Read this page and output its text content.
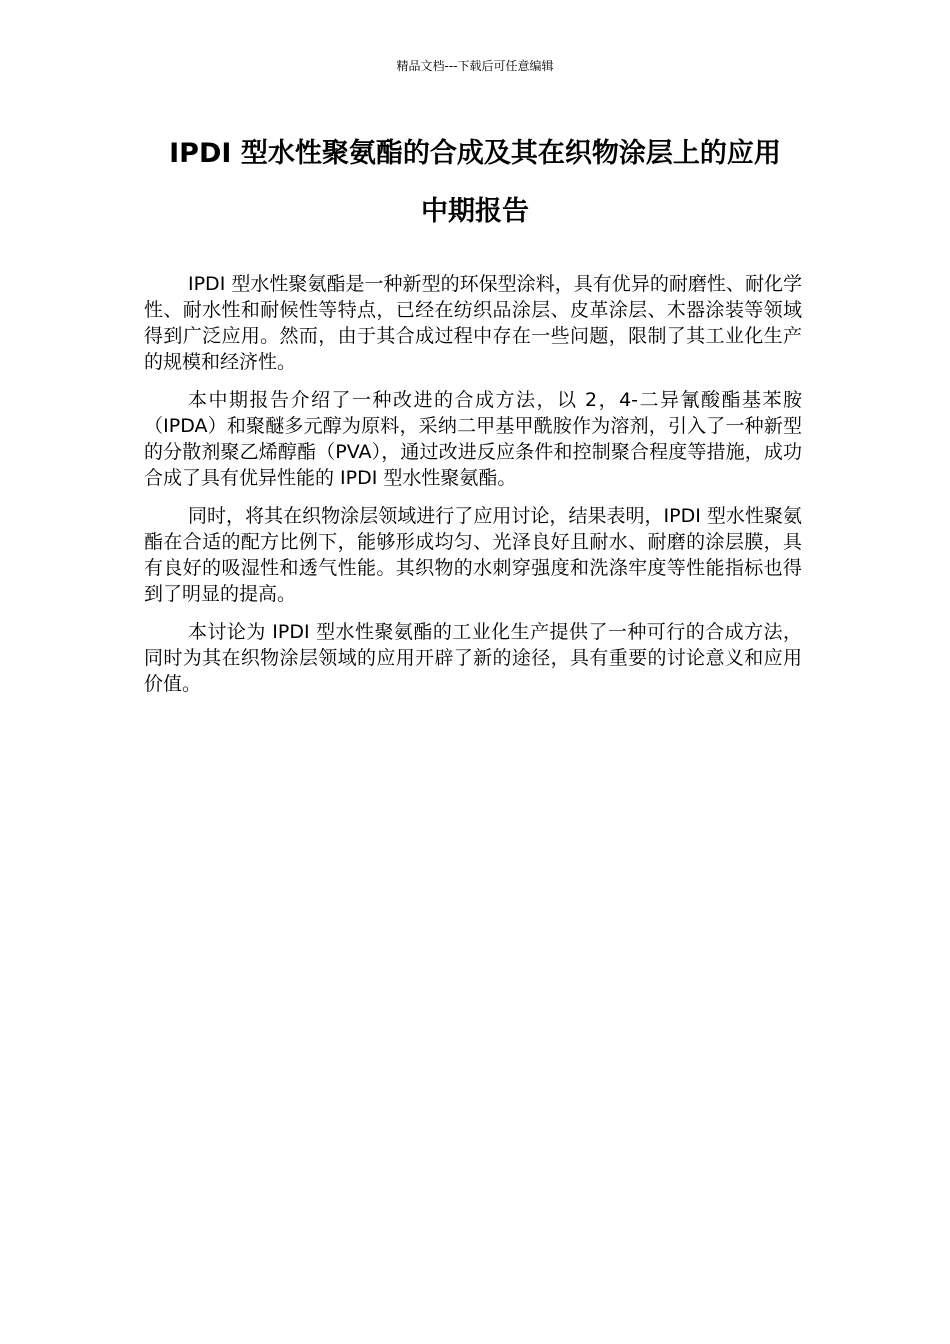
精品文档---下载后可任意编辑
IPDI 型水性聚氨酯的合成及其在织物涂层上的应用
中期报告

IPDI 型水性聚氨酯是一种新型的环保型涂料，具有优异的耐磨性、耐化学性、耐水性和耐候性等特点，已经在纺织品涂层、皮革涂层、木器涂装等领域得到广泛应用。然而，由于其合成过程中存在一些问题，限制了其工业化生产的规模和经济性。

本中期报告介绍了一种改进的合成方法，以 2，4-二异氰酸酯基苯胺（IPDA）和聚醚多元醇为原料，采纳二甲基甲酰胺作为溶剂，引入了一种新型的分散剂聚乙烯醇酯（PVA），通过改进反应条件和控制聚合程度等措施，成功合成了具有优异性能的 IPDI 型水性聚氨酯。

同时，将其在织物涂层领域进行了应用讨论，结果表明，IPDI 型水性聚氨酯在合适的配方比例下，能够形成均匀、光泽良好且耐水、耐磨的涂层膜，具有良好的吸湿性和透气性能。其织物的水刺穿强度和洗涤牢度等性能指标也得到了明显的提高。

本讨论为 IPDI 型水性聚氨酯的工业化生产提供了一种可行的合成方法，同时为其在织物涂层领域的应用开辟了新的途径，具有重要的讨论意义和应用价值。
